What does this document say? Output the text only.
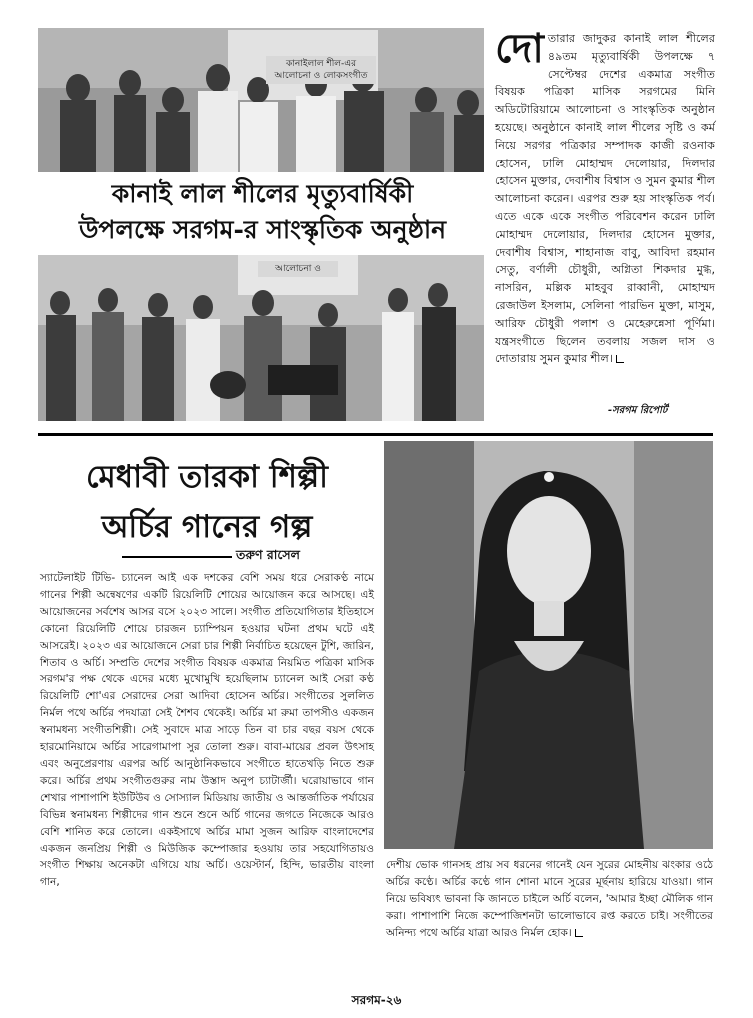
কানাইলাল শীল-এর
আলোচনা ও লোকসংগীত
কানাই লাল শীলের মৃত্যুবার্ষিকী
উপলক্ষে সরগম-র সাংস্কৃতিক অনুষ্ঠান
আলোচনা ও
দোতারার জাদুকর কানাই লাল শীলের ৪৯তম মৃত্যুবার্ষিকী উপলক্ষে ৭ সেপ্টেম্বর দেশের একমাত্র সংগীত বিষয়ক পত্রিকা মাসিক সরগমের মিনি অডিটোরিয়ামে আলোচনা ও সাংস্কৃতিক অনুষ্ঠান হয়েছে। অনুষ্ঠানে কানাই লাল শীলের সৃষ্টি ও কর্ম নিয়ে সরগর পত্রিকার সম্পাদক কাজী রওনাক হোসেন, ঢালি মোহাম্মদ দেলোয়ার, দিলদার হোসেন মুক্তার, দেবাশীষ বিশ্বাস ও সুমন কুমার শীল আলোচনা করেন। এরপর শুরু হয় সাংস্কৃতিক পর্ব। এতে একে একে সংগীত পরিবেশন করেন ঢালি মোহাম্মদ দেলোয়ার, দিলদার হোসেন মুক্তার, দেবাশীষ বিশ্বাস, শাহানাজ বাবু, আবিদা রহমান সেতু, বর্ণালী চৌধুরী, অগ্নিতা শিকদার মুগ্ধ, নাসরিন, মল্লিক মাহবুব রাব্বানী, মোহাম্মদ রেজাউল ইসলাম, সেলিনা পারভিন মুক্তা, মাসুম, আরিফ চৌধুরী পলাশ ও মেহেরুন্নেসা পূর্ণিমা। যন্ত্রসংগীতে ছিলেন তবলায় সজল দাস ও দোতারায় সুমন কুমার শীল।
-সরগম রিপোর্ট
মেধাবী তারকা শিল্পী
অর্চির গানের গল্প
তরুণ রাসেল
স্যাটেলাইট টিভি- চ্যানেল আই এক দশকের বেশি সময় ধরে সেরাকণ্ঠ নামে গানের শিল্পী অন্বেষণের একটি রিয়েলিটি শোয়ের আয়োজন করে আসছে। এই আয়োজনের সর্বশেষ আসর বসে ২০২৩ সালে। সংগীত প্রতিযোগিতার ইতিহাসে কোনো রিয়েলিটি শোয়ে চারজন চ্যাম্পিয়ন হওয়ার ঘটনা প্রথম ঘটে এই আসরেই। ২০২৩ এর আয়োজনে সেরা চার শিল্পী নির্বাচিত হয়েছেন টুশি, জারিন, শিতাব ও অর্চি। সম্প্রতি দেশের সংগীত বিষয়ক একমাত্র নিয়মিত পত্রিকা মাসিক সরগম'র পক্ষ থেকে এদের মধ্যে মুখোমুখি হয়েছিলাম চ্যানেল আই সেরা কণ্ঠ রিয়েলিটি শো'এর সেরাদের সেরা আদিবা হোসেন অর্চির। সংগীতের সুললিত নির্মল পথে অর্চির পদযাত্রা সেই শৈশব থেকেই। অর্চির মা রুমা তাপসীও একজন স্বনামধন্য সংগীতশিল্পী। সেই সুবাদে মাত্র সাড়ে তিন বা চার বছর বয়স থেকে হারমোনিয়ামে অর্চির সারেগামাপা সুর তোলা শুরু। বাবা-মায়ের প্রবল উৎসাহ এবং অনুপ্রেরণায় এরপর অর্চি আনুষ্ঠানিকভাবে সংগীতে হাতেখড়ি নিতে শুরু করে। অর্চির প্রথম সংগীতগুরুর নাম উস্তাদ অনুপ চ্যাটার্জী। ঘরোয়াভাবে গান শেখার পাশাপাশি ইউটিউব ও সোস্যাল মিডিয়ায় জাতীয় ও আন্তর্জাতিক পর্যায়ের বিভিন্ন স্বনামধন্য শিল্পীদের গান শুনে শুনে অর্চি গানের জগতে নিজেকে আরও বেশি শানিত করে তোলে। একইসাথে অর্চির মামা সুজন আরিফ বাংলাদেশের একজন জনপ্রিয় শিল্পী ও মিউজিক কম্পোজার হওয়ায় তার সহযোগিতায়ও সংগীত শিক্ষায় অনেকটা এগিয়ে যায় অর্চি। ওয়েস্টার্ন, হিন্দি, ভারতীয় বাংলা গান,
দেশীয় ভোক গানসহ প্রায় সব ধরনের গানেই যেন সুরের মোহনীয় ঝংকার ওঠে অর্চির কণ্ঠে। অর্চির কণ্ঠে গান শোনা মানে সুরের মূর্ছনায় হারিয়ে যাওয়া। গান নিয়ে ভবিষ্যৎ ভাবনা কি জানতে চাইলে অর্চি বলেন, 'আমার ইচ্ছা মৌলিক গান করা। পাশাপাশি নিজে কম্পোজিশনটা ভালোভাবে রপ্ত করতে চাই। সংগীতের অনিন্দ্য পথে অর্চির যাত্রা আরও নির্মল হোক।
সরগম-২৬
